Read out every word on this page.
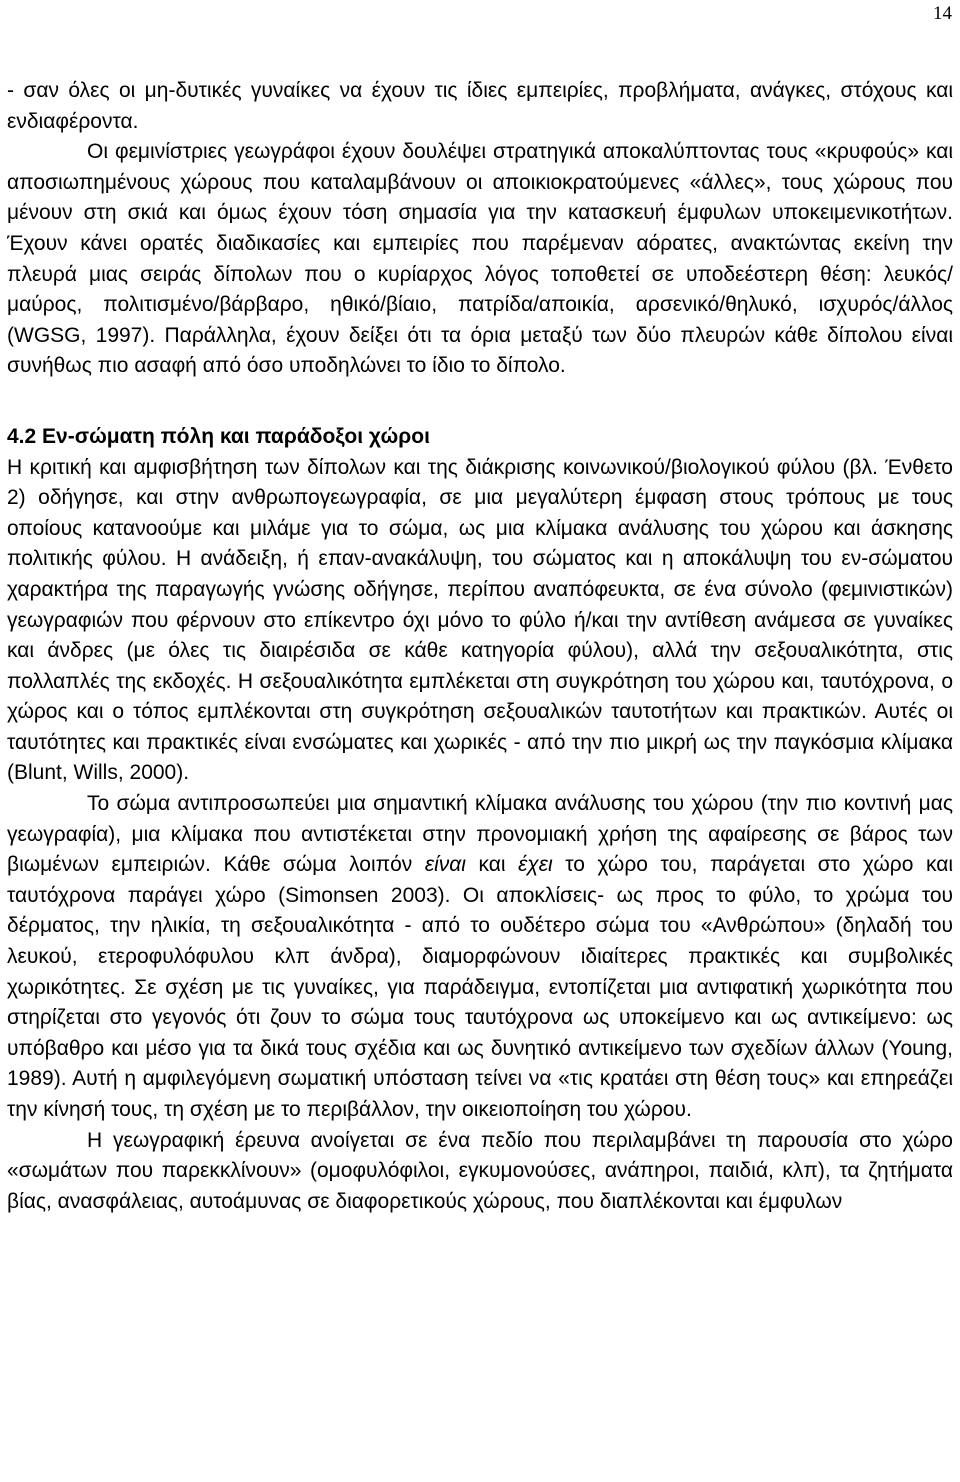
14

- σαν όλες οι μη-δυτικές γυναίκες να έχουν τις ίδιες εμπειρίες, προβλήματα, ανάγκες, στόχους και ενδιαφέροντα.

Οι φεμινίστριες γεωγράφοι έχουν δουλέψει στρατηγικά αποκαλύπτοντας τους «κρυφούς» και αποσιωπημένους χώρους που καταλαμβάνουν οι αποικιοκρατούμενες «άλλες», τους χώρους που μένουν στη σκιά και όμως έχουν τόση σημασία για την κατασκευή έμφυλων υποκειμενικοτήτων. Έχουν κάνει ορατές διαδικασίες και εμπειρίες που παρέμεναν αόρατες, ανακτώντας εκείνη την πλευρά μιας σειράς δίπολων που ο κυρίαρχος λόγος τοποθετεί σε υποδεέστερη θέση: λευκός/μαύρος, πολιτισμένο/βάρβαρο, ηθικό/βίαιο, πατρίδα/αποικία, αρσενικό/θηλυκό, ισχυρός/άλλος (WGSG, 1997). Παράλληλα, έχουν δείξει ότι τα όρια μεταξύ των δύο πλευρών κάθε δίπολου είναι συνήθως πιο ασαφή από όσο υποδηλώνει το ίδιο το δίπολο.

4.2 Εν-σώματη πόλη και παράδοξοι χώροι

Η κριτική και αμφισβήτηση των δίπολων και της διάκρισης κοινωνικού/βιολογικού φύλου (βλ. Ένθετο 2) οδήγησε, και στην ανθρωπογεωγραφία, σε μια μεγαλύτερη έμφαση στους τρόπους με τους οποίους κατανοούμε και μιλάμε για το σώμα, ως μια κλίμακα ανάλυσης του χώρου και άσκησης πολιτικής φύλου. Η ανάδειξη, ή επαν-ανακάλυψη, του σώματος και η αποκάλυψη του εν-σώματου χαρακτήρα της παραγωγής γνώσης οδήγησε, περίπου αναπόφευκτα, σε ένα σύνολο (φεμινιστικών) γεωγραφιών που φέρνουν στο επίκεντρο όχι μόνο το φύλο ή/και την αντίθεση ανάμεσα σε γυναίκες και άνδρες (με όλες τις διαιρέσιδα σε κάθε κατηγορία φύλου), αλλά την σεξουαλικότητα, στις πολλαπλές της εκδοχές. Η σεξουαλικότητα εμπλέκεται στη συγκρότηση του χώρου και, ταυτόχρονα, ο χώρος και ο τόπος εμπλέκονται στη συγκρότηση σεξουαλικών ταυτοτήτων και πρακτικών. Αυτές οι ταυτότητες και πρακτικές είναι ενσώματες και χωρικές - από την πιο μικρή ως την παγκόσμια κλίμακα (Blunt, Wills, 2000).

Το σώμα αντιπροσωπεύει μια σημαντική κλίμακα ανάλυσης του χώρου (την πιο κοντινή μας γεωγραφία), μια κλίμακα που αντιστέκεται στην προνομιακή χρήση της αφαίρεσης σε βάρος των βιωμένων εμπειριών. Κάθε σώμα λοιπόν είναι και έχει το χώρο του, παράγεται στο χώρο και ταυτόχρονα παράγει χώρο (Simonsen 2003). Οι αποκλίσεις- ως προς το φύλο, το χρώμα του δέρματος, την ηλικία, τη σεξουαλικότητα - από το ουδέτερο σώμα του «Ανθρώπου» (δηλαδή του λευκού, ετεροφυλόφυλου κλπ άνδρα), διαμορφώνουν ιδιαίτερες πρακτικές και συμβολικές χωρικότητες. Σε σχέση με τις γυναίκες, για παράδειγμα, εντοπίζεται μια αντιφατική χωρικότητα που στηρίζεται στο γεγονός ότι ζουν το σώμα τους ταυτόχρονα ως υποκείμενο και ως αντικείμενο: ως υπόβαθρο και μέσο για τα δικά τους σχέδια και ως δυνητικό αντικείμενο των σχεδίων άλλων (Young, 1989). Αυτή η αμφιλεγόμενη σωματική υπόσταση τείνει να «τις κρατάει στη θέση τους» και επηρεάζει την κίνησή τους, τη σχέση με το περιβάλλον, την οικειοποίηση του χώρου.

Η γεωγραφική έρευνα ανοίγεται σε ένα πεδίο που περιλαμβάνει τη παρουσία στο χώρο «σωμάτων που παρεκκλίνουν» (ομοφυλόφιλοι, εγκυμονούσες, ανάπηροι, παιδιά, κλπ), τα ζητήματα βίας, ανασφάλειας, αυτοάμυνας σε διαφορετικούς χώρους, που διαπλέκονται και έμφυλων
